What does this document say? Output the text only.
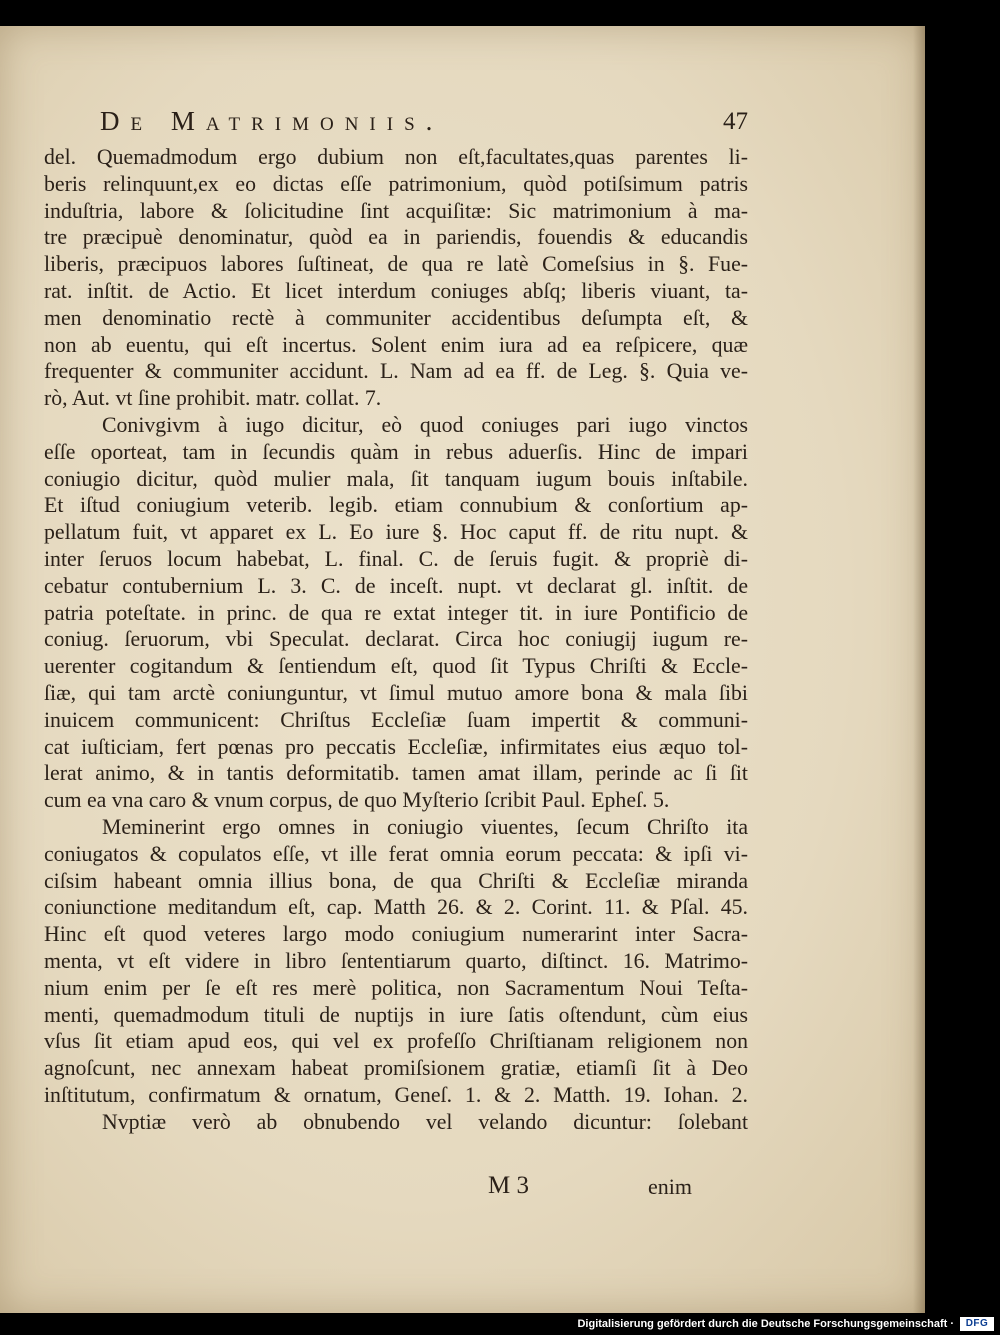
De Matrimoniis.	47
del. Quemadmodum ergo dubium non eſt,facultates,quas parentes li-
beris relinquunt,ex eo dictas eſſe patrimonium, quòd potiſsimum patris
induſtria, labore & ſolicitudine ſint acquiſitæ: Sic matrimonium à ma-
tre præcipuè denominatur, quòd ea in pariendis, fouendis & educandis
liberis, præcipuos labores ſuſtineat, de qua re latè Comeſsius in §. Fue-
rat. inſtit. de Actio. Et licet interdum coniuges abſq; liberis viuant, ta-
men denominatio rectè à communiter accidentibus deſumpta eſt, &
non ab euentu, qui eſt incertus. Solent enim iura ad ea reſpicere, quæ
frequenter & communiter accidunt. L. Nam ad ea ff. de Leg. §. Quia ve-
rò, Aut. vt ſine prohibit. matr. collat. 7.
Conivgivm à iugo dicitur, eò quod coniuges pari iugo vinctos
eſſe oporteat, tam in ſecundis quàm in rebus aduerſis. Hinc de impari
coniugio dicitur, quòd mulier mala, ſit tanquam iugum bouis inſtabile.
Et iſtud coniugium veterib. legib. etiam connubium & conſortium ap-
pellatum fuit, vt apparet ex L. Eo iure §. Hoc caput ff. de ritu nupt. &
inter ſeruos locum habebat, L. final. C. de ſeruis fugit. & propriè di-
cebatur contubernium L. 3. C. de inceſt. nupt. vt declarat gl. inſtit. de
patria poteſtate. in princ. de qua re extat integer tit. in iure Pontificio de
coniug. ſeruorum, vbi Speculat. declarat. Circa hoc coniugij iugum re-
uerenter cogitandum & ſentiendum eſt, quod ſit Typus Chriſti & Eccle-
ſiæ, qui tam arctè coniunguntur, vt ſimul mutuo amore bona & mala ſibi
inuicem communicent: Chriſtus Eccleſiæ ſuam impertit & communi-
cat iuſticiam, fert pœnas pro peccatis Eccleſiæ, infirmitates eius æquo tol-
lerat animo, & in tantis deformitatib. tamen amat illam, perinde ac ſi ſit
cum ea vna caro & vnum corpus, de quo Myſterio ſcribit Paul. Epheſ. 5.
Meminerint ergo omnes in coniugio viuentes, ſecum Chriſto ita
coniugatos & copulatos eſſe, vt ille ferat omnia eorum peccata: & ipſi vi-
ciſsim habeant omnia illius bona, de qua Chriſti & Eccleſiæ miranda
coniunctione meditandum eſt, cap. Matth 26. & 2. Corint. 11. & Pſal. 45.
Hinc eſt quod veteres largo modo coniugium numerarint inter Sacra-
menta, vt eſt videre in libro ſententiarum quarto, diſtinct. 16. Matrimo-
nium enim per ſe eſt res merè politica, non Sacramentum Noui Teſta-
menti, quemadmodum tituli de nuptijs in iure ſatis oſtendunt, cùm eius
vſus ſit etiam apud eos, qui vel ex profeſſo Chriſtianam religionem non
agnoſcunt, nec annexam habeat promiſsionem gratiæ, etiamſi ſit à Deo
inſtitutum, confirmatum & ornatum, Geneſ. 1. & 2. Matth. 19. Iohan. 2.
Nvptiæ verò ab obnubendo vel velando dicuntur: ſolebant
M 3	enim
Digitalisierung gefördert durch die Deutsche Forschungsgemeinschaft ·	DFG
